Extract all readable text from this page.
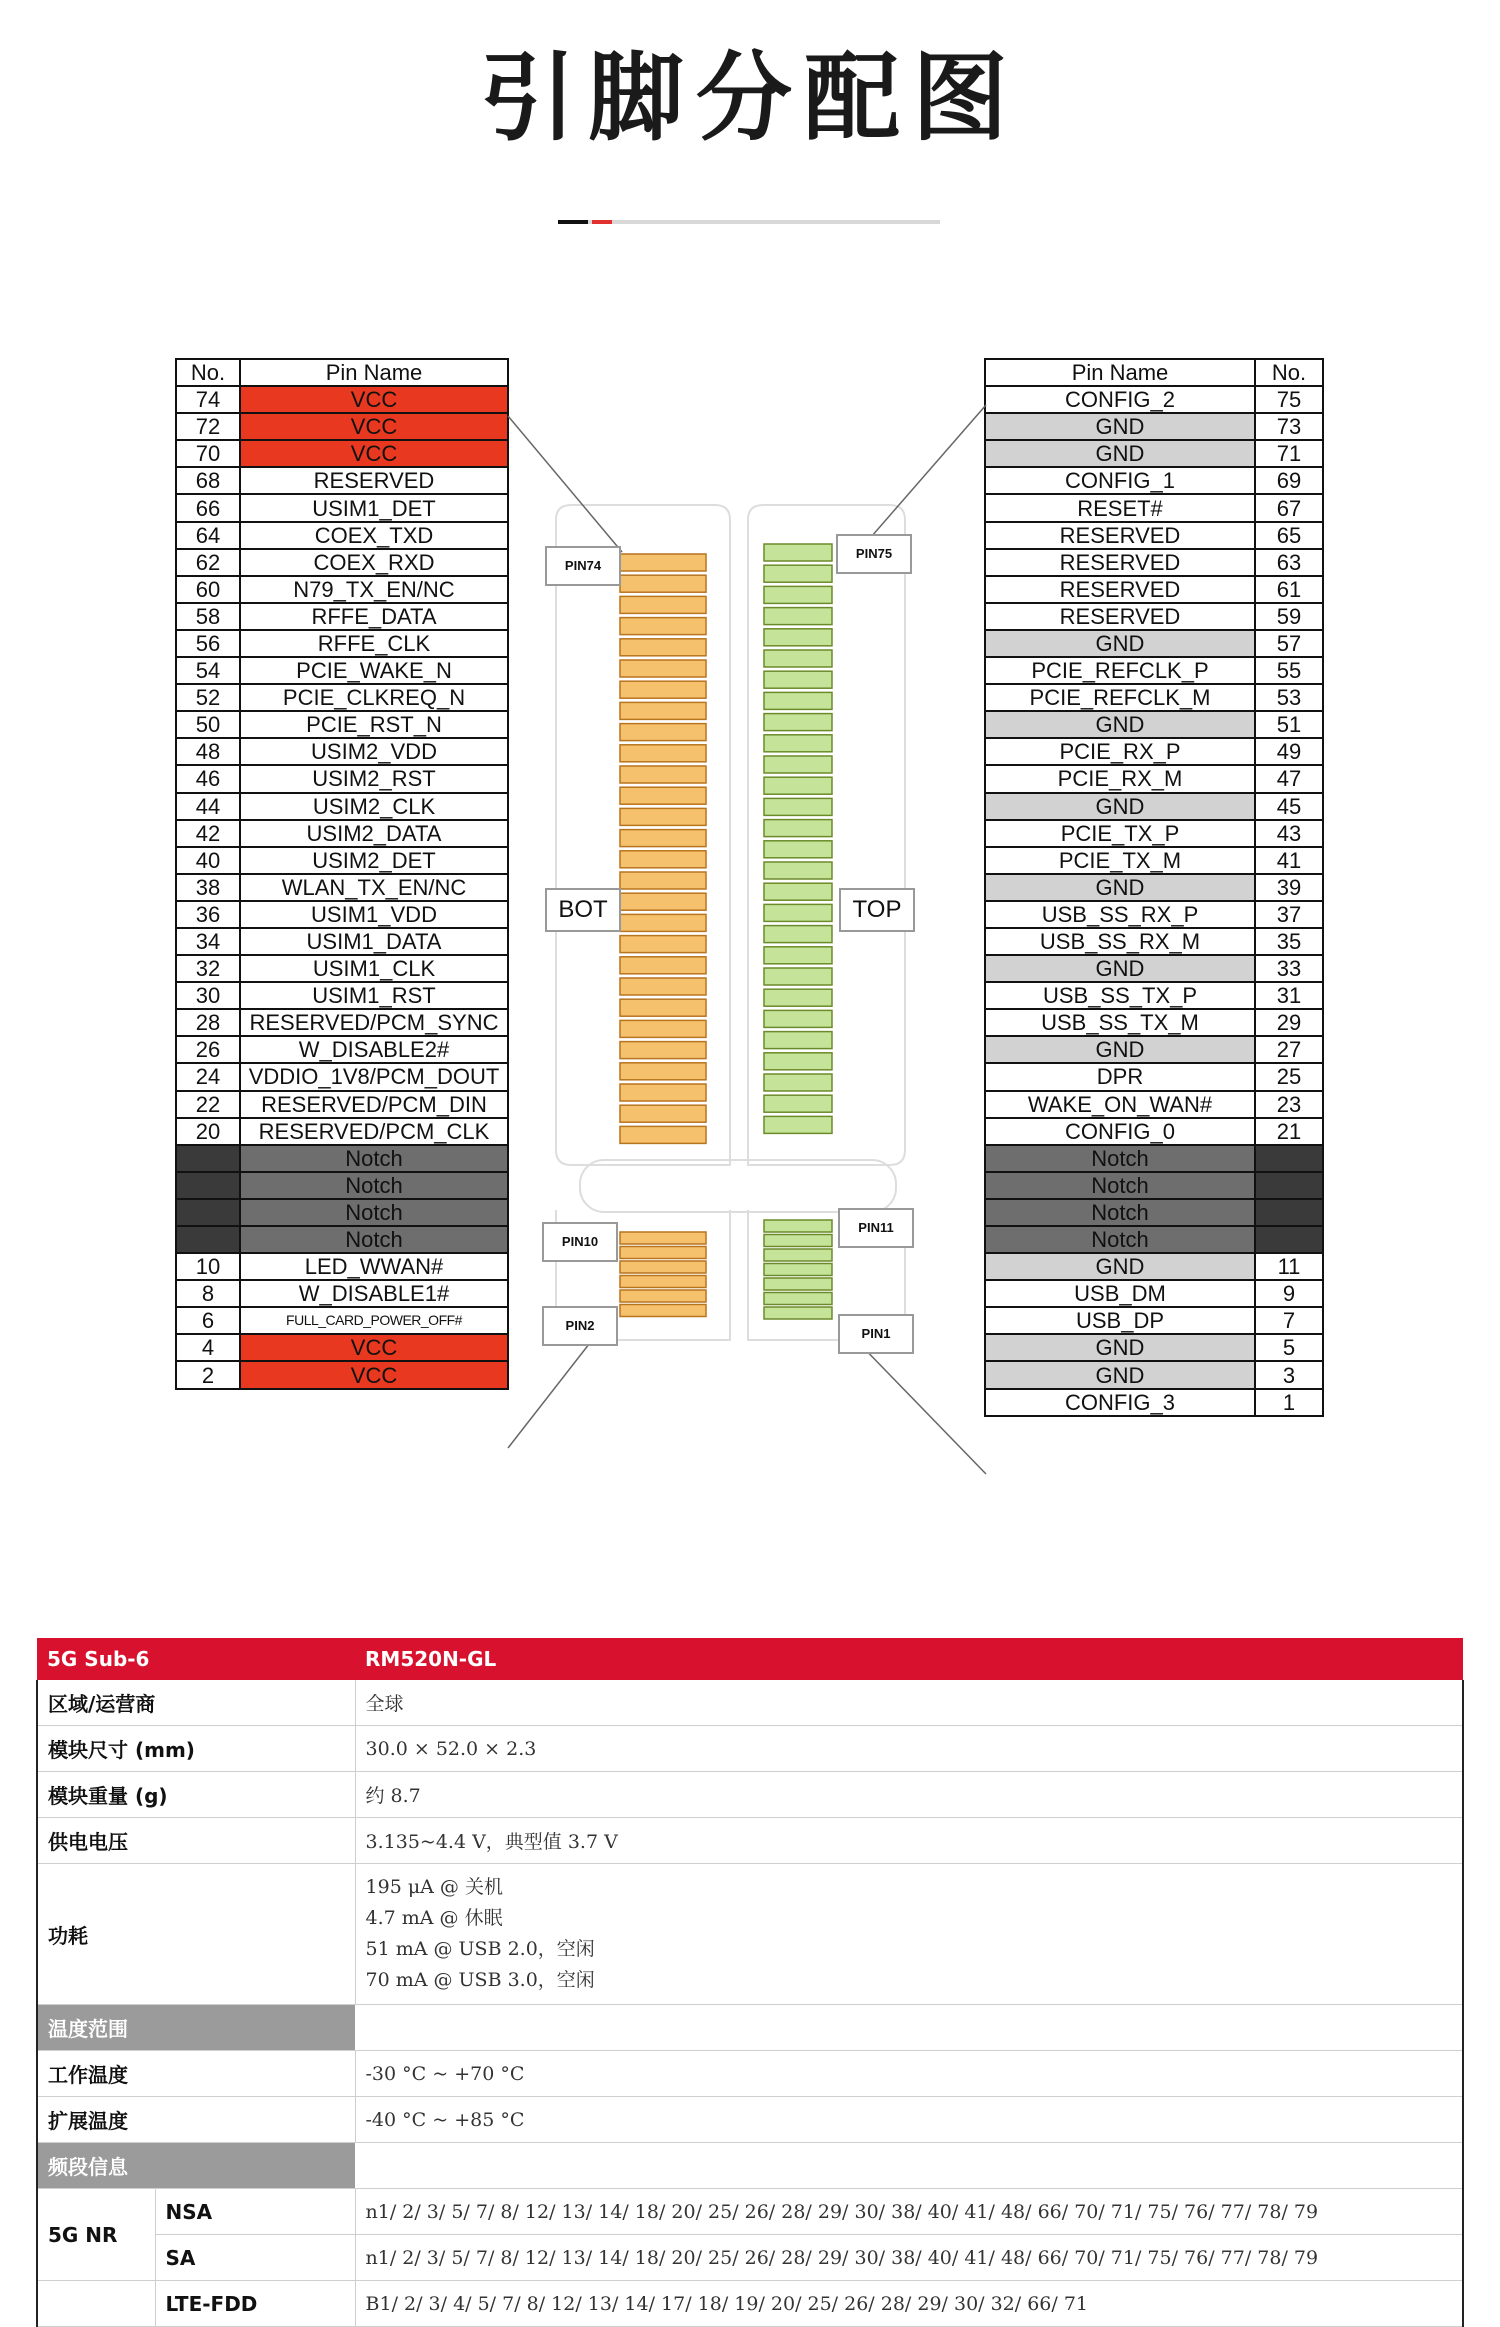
引脚分配图
No.	Pin Name
74	VCC
72	VCC
70	VCC
68	RESERVED
66	USIM1_DET
64	COEX_TXD
62	COEX_RXD
60	N79_TX_EN/NC
58	RFFE_DATA
56	RFFE_CLK
54	PCIE_WAKE_N
52	PCIE_CLKREQ_N
50	PCIE_RST_N
48	USIM2_VDD
46	USIM2_RST
44	USIM2_CLK
42	USIM2_DATA
40	USIM2_DET
38	WLAN_TX_EN/NC
36	USIM1_VDD
34	USIM1_DATA
32	USIM1_CLK
30	USIM1_RST
28	RESERVED/PCM_SYNC
26	W_DISABLE2#
24	VDDIO_1V8/PCM_DOUT
22	RESERVED/PCM_DIN
20	RESERVED/PCM_CLK
	Notch
	Notch
	Notch
	Notch
10	LED_WWAN#
8	W_DISABLE1#
6	FULL_CARD_POWER_OFF#
4	VCC
2	VCC
Pin Name	No.
CONFIG_2	75
GND	73
GND	71
CONFIG_1	69
RESET#	67
RESERVED	65
RESERVED	63
RESERVED	61
RESERVED	59
GND	57
PCIE_REFCLK_P	55
PCIE_REFCLK_M	53
GND	51
PCIE_RX_P	49
PCIE_RX_M	47
GND	45
PCIE_TX_P	43
PCIE_TX_M	41
GND	39
USB_SS_RX_P	37
USB_SS_RX_M	35
GND	33
USB_SS_TX_P	31
USB_SS_TX_M	29
GND	27
DPR	25
WAKE_ON_WAN#	23
CONFIG_0	21
Notch	
Notch	
Notch	
Notch	
GND	11
USB_DM	9
USB_DP	7
GND	5
GND	3
CONFIG_3	1
PIN74
PIN75
BOT	TOP
PIN10
PIN11
PIN2
PIN1
5G Sub-6		RM520N-GL
区域/运营商		全球
模块尺寸 (mm)		30.0 × 52.0 × 2.3
模块重量 (g)		约 8.7
供电电压		3.135~4.4 V，典型值 3.7 V
功耗		195 μA @ 关机
4.7 mA @ 休眠
51 mA @ USB 2.0，空闲
70 mA @ USB 3.0，空闲

温度范围		
工作温度		-30 °C ~ +70 °C
扩展温度		-40 °C ~ +85 °C
频段信息		
5G NR	NSA	n1/ 2/ 3/ 5/ 7/ 8/ 12/ 13/ 14/ 18/ 20/ 25/ 26/ 28/ 29/ 30/ 38/ 40/ 41/ 48/ 66/ 70/ 71/ 75/ 76/ 77/ 78/ 79
	SA	n1/ 2/ 3/ 5/ 7/ 8/ 12/ 13/ 14/ 18/ 20/ 25/ 26/ 28/ 29/ 30/ 38/ 40/ 41/ 48/ 66/ 70/ 71/ 75/ 76/ 77/ 78/ 79
	LTE-FDD	B1/ 2/ 3/ 4/ 5/ 7/ 8/ 12/ 13/ 14/ 17/ 18/ 19/ 20/ 25/ 26/ 28/ 29/ 30/ 32/ 66/ 71
